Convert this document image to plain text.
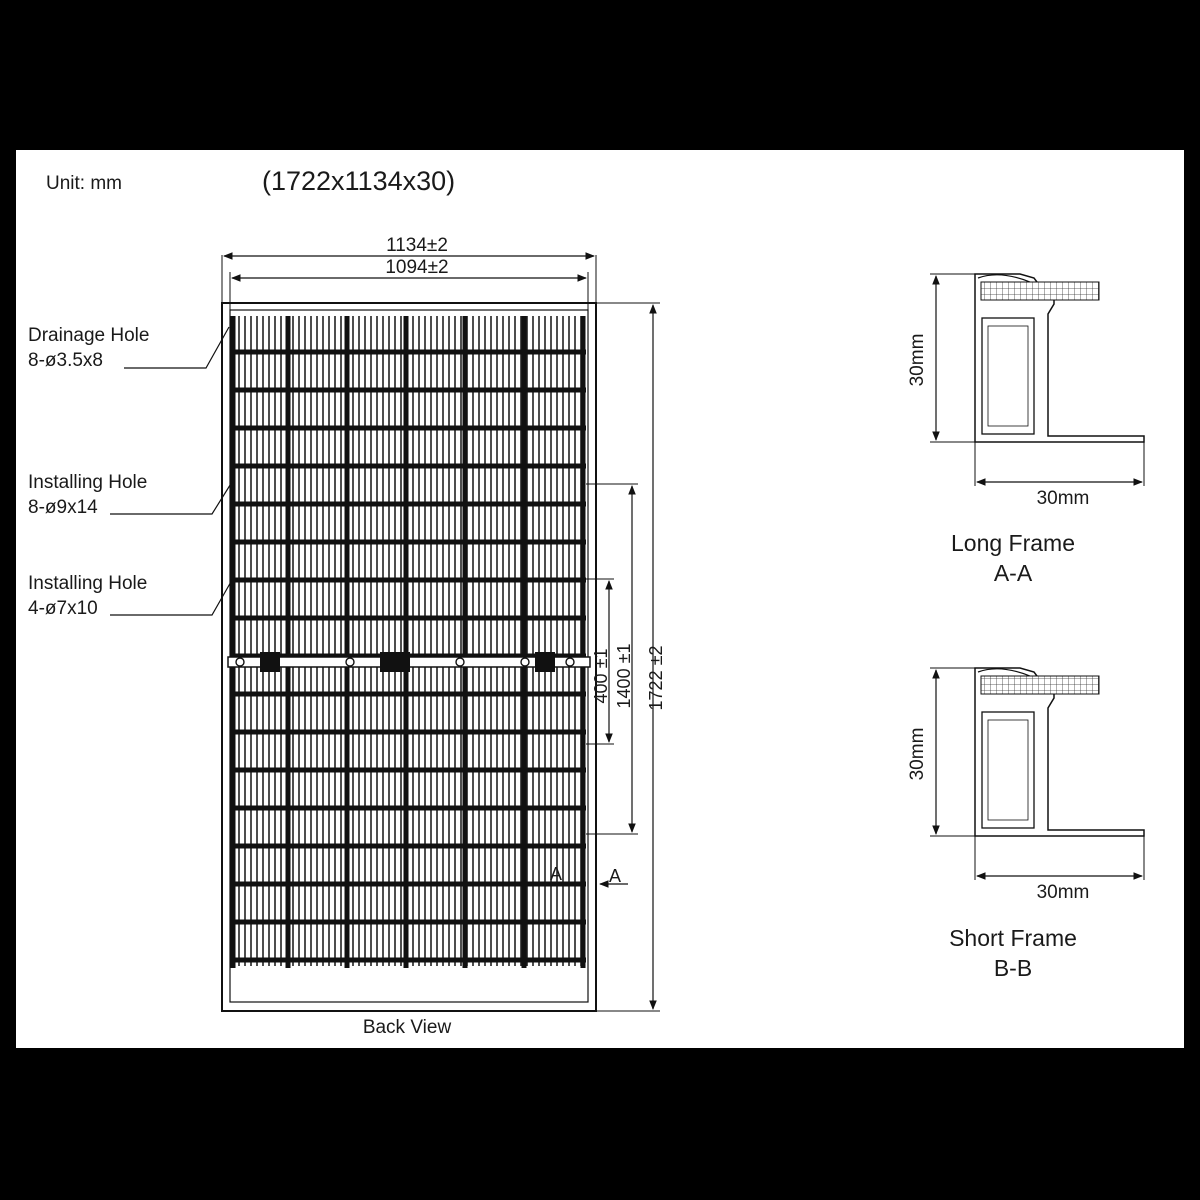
Unit: mm	(1722x1134x30)
1134±2
1094±2
1722 ±2
1400 ±1
400 ±1
A	A
Drainage Hole
8-ø3.5x8
Installing Hole
8-ø9x14
Installing Hole
4-ø7x10
Back View
30mm
30mm
30mm
30mm
Long Frame
A-A
Short Frame
B-B
